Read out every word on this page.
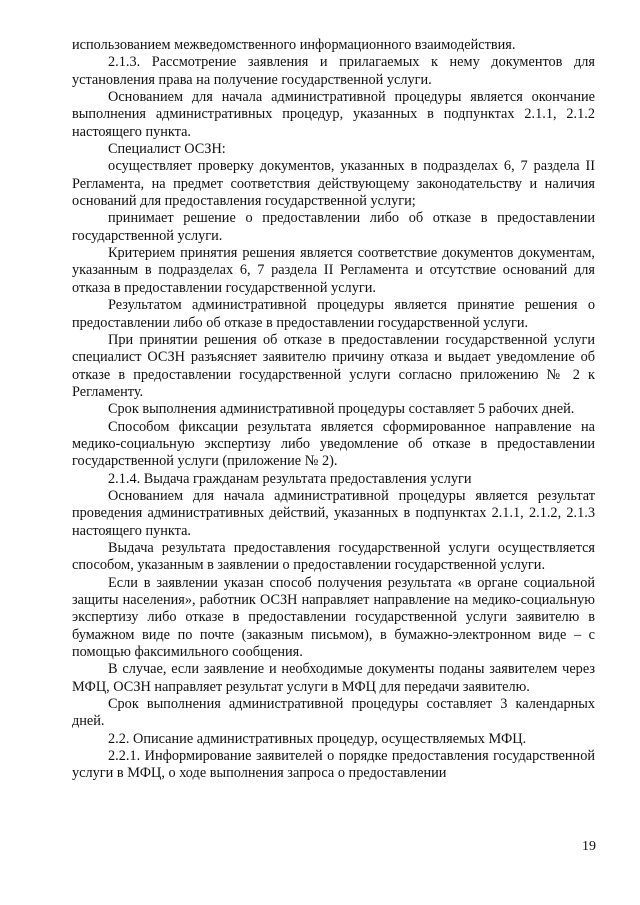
использованием межведомственного информационного взаимодействия.

2.1.3. Рассмотрение заявления и прилагаемых к нему документов для установления права на получение государственной услуги.

Основанием для начала административной процедуры является окончание выполнения административных процедур, указанных в подпунктах 2.1.1, 2.1.2 настоящего пункта.

Специалист ОСЗН:

осуществляет проверку документов, указанных в подразделах 6, 7 раздела II Регламента, на предмет соответствия действующему законодательству и наличия оснований для предоставления государственной услуги;

принимает решение о предоставлении либо об отказе в предоставлении государственной услуги.

Критерием принятия решения является соответствие документов документам, указанным в подразделах 6, 7 раздела II Регламента и отсутствие оснований для отказа в предоставлении государственной услуги.

Результатом административной процедуры является принятие решения о предоставлении либо об отказе в предоставлении государственной услуги.

При принятии решения об отказе в предоставлении государственной услуги специалист ОСЗН разъясняет заявителю причину отказа и выдает уведомление об отказе в предоставлении государственной услуги согласно приложению № 2 к Регламенту.

Срок выполнения административной процедуры составляет 5 рабочих дней.

Способом фиксации результата является сформированное направление на медико-социальную экспертизу либо уведомление об отказе в предоставлении государственной услуги (приложение № 2).

2.1.4. Выдача гражданам результата предоставления услуги

Основанием для начала административной процедуры является результат проведения административных действий, указанных в подпунктах 2.1.1, 2.1.2, 2.1.3 настоящего пункта.

Выдача результата предоставления государственной услуги осуществляется способом, указанным в заявлении о предоставлении государственной услуги.

Если в заявлении указан способ получения результата «в органе социальной защиты населения», работник ОСЗН направляет направление на медико-социальную экспертизу либо отказе в предоставлении государственной услуги заявителю в бумажном виде по почте (заказным письмом), в бумажно-электронном виде – с помощью факсимильного сообщения.

В случае, если заявление и необходимые документы поданы заявителем через МФЦ, ОСЗН направляет результат услуги в МФЦ для передачи заявителю.

Срок выполнения административной процедуры составляет 3 календарных дней.

2.2. Описание административных процедур, осуществляемых МФЦ.

2.2.1. Информирование заявителей о порядке предоставления государственной услуги в МФЦ, о ходе выполнения запроса о предоставлении

19
